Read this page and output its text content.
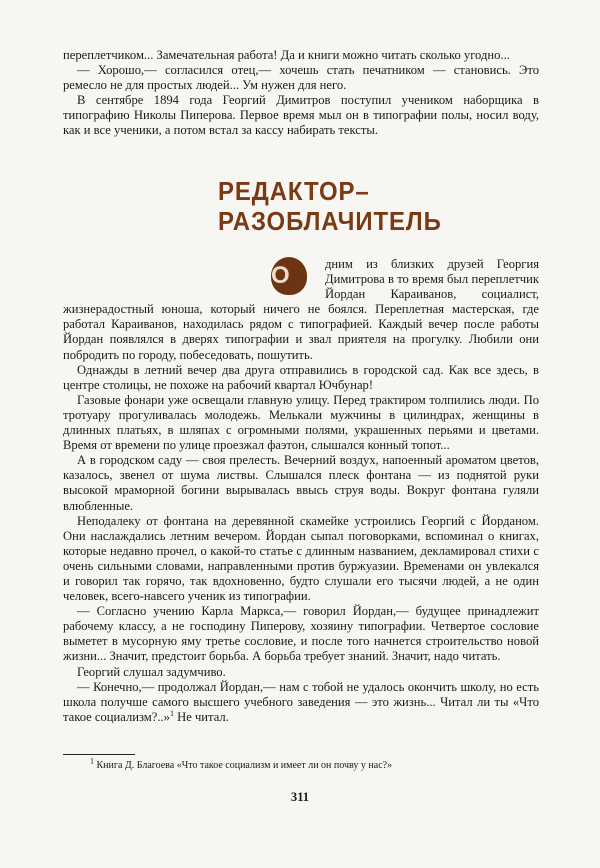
переплетчиком... Замечательная работа! Да и книги можно читать сколько угодно...

— Хорошо,— согласился отец,— хочешь стать печатником — становись. Это ремесло не для простых людей... Ум нужен для него.

В сентябре 1894 года Георгий Димитров поступил учеником наборщика в типографию Николы Пиперова. Первое время мыл он в типографии полы, носил воду, как и все ученики, а потом встал за кассу набирать тексты.

РЕДАКТОР–
РАЗОБЛАЧИТЕЛЬ

О	дним из близких друзей Георгия Димитрова в то время был переплетчик Йордан Караиванов, социалист, жизнерадостный юноша, который ничего не боялся. Переплетная мастерская, где работал Караиванов, находилась рядом с типографией. Каждый вечер после работы Йордан появлялся в дверях типографии и звал приятеля на прогулку. Любили они побродить по городу, побеседовать, пошутить.

Однажды в летний вечер два друга отправились в городской сад. Как все здесь, в центре столицы, не похоже на рабочий квартал Ючбунар!

Газовые фонари уже освещали главную улицу. Перед трактиром толпились люди. По тротуару прогуливалась молодежь. Мелькали мужчины в цилиндрах, женщины в длинных платьях, в шляпах с огромными полями, украшенных перьями и цветами. Время от времени по улице проезжал фаэтон, слышался конный топот...

А в городском саду — своя прелесть. Вечерний воздух, напоенный ароматом цветов, казалось, звенел от шума листвы. Слышался плеск фонтана — из поднятой руки высокой мраморной богини вырывалась ввысь струя воды. Вокруг фонтана гуляли влюбленные.

Неподалеку от фонтана на деревянной скамейке устроились Георгий с Йорданом. Они наслаждались летним вечером. Йордан сыпал поговорками, вспоминал о книгах, которые недавно прочел, о какой-то статье с длинным названием, декламировал стихи с очень сильными словами, направленными против буржуазии. Временами он увлекался и говорил так горячо, так вдохновенно, будто слушали его тысячи людей, а не один человек, всего-навсего ученик из типографии.

— Согласно учению Карла Маркса,— говорил Йордан,— будущее принадлежит рабочему классу, а не господину Пиперову, хозяину типографии. Четвертое сословие выметет в мусорную яму третье сословие, и после того начнется строительство новой жизни... Значит, предстоит борьба. А борьба требует знаний. Значит, надо читать.

Георгий слушал задумчиво.

— Конечно,— продолжал Йордан,— нам с тобой не удалось окончить школу, но есть школа получше самого высшего учебного заведения — это жизнь... Читал ли ты «Что такое социализм?..»$^1$ Не читал.

$^1$ Книга Д. Благоева «Что такое социализм и имеет ли он почву у нас?»
311
